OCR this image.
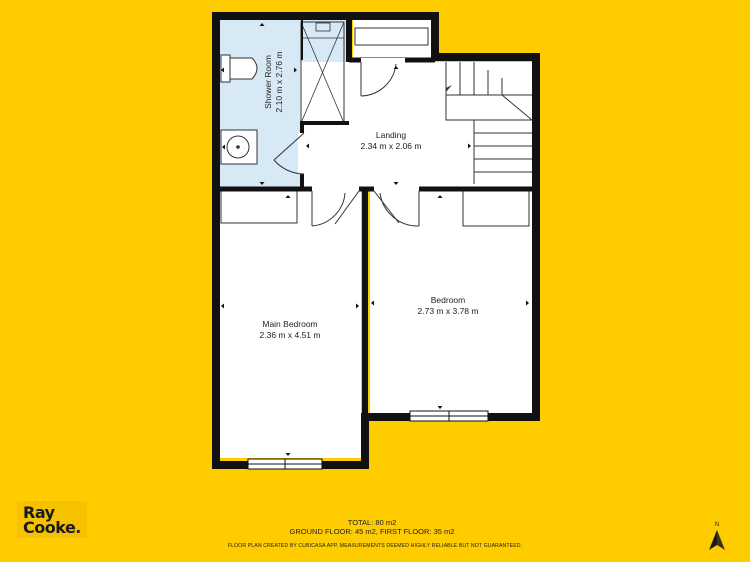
Shower Room 2.10 m x 2.76 m
Landing
2.34 m x 2.06 m
Main Bedroom
2.36 m x 4.51 m
Bedroom
2.73 m x 3.78 m
Ray
Cooke.	TOTAL: 80 m2
GROUND FLOOR: 45 m2, FIRST FLOOR: 35 m2
FLOOR PLAN CREATED BY CUBICASA APP. MEASUREMENTS DEEMED HIGHLY RELIABLE BUT NOT GUARANTEED.
N
